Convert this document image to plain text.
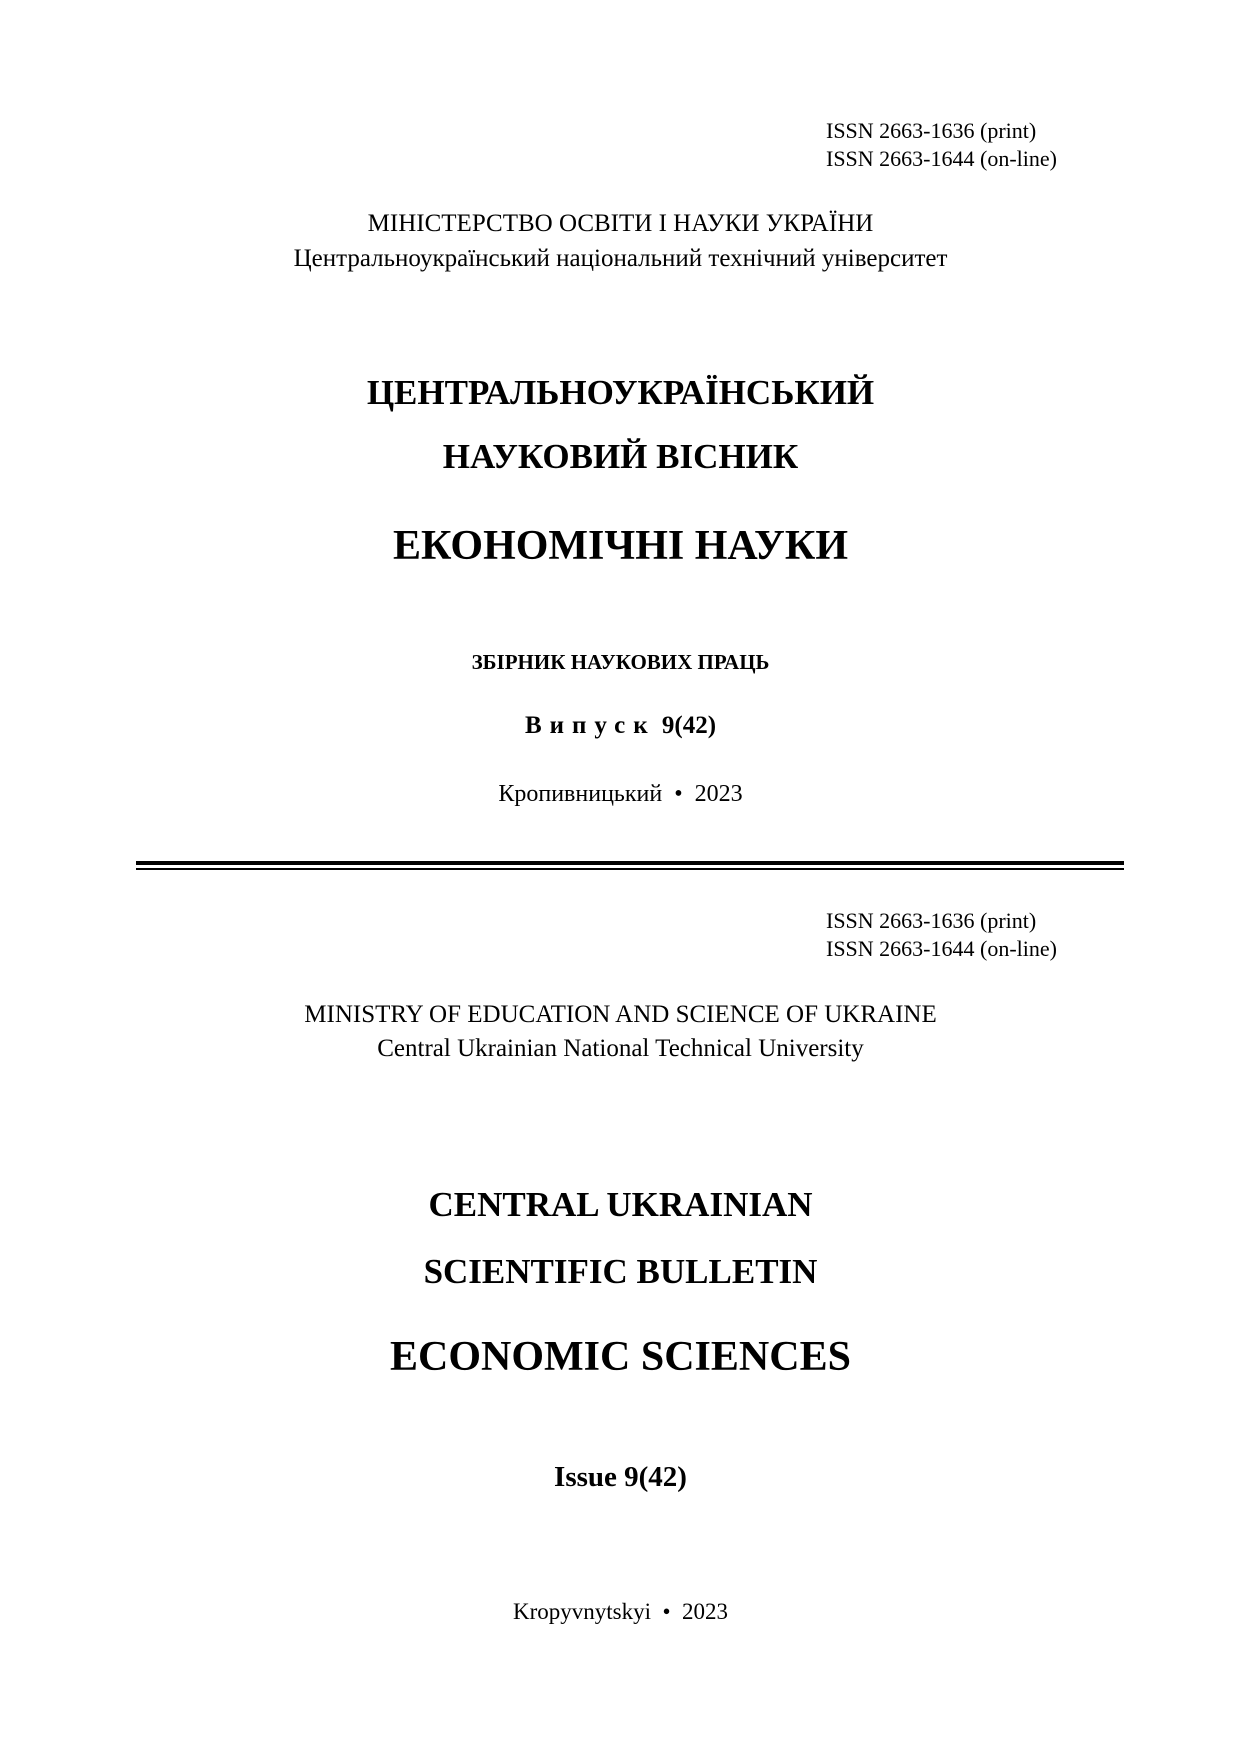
ISSN 2663-1636 (print)
ISSN 2663-1644 (on-line)
МІНІСТЕРСТВО ОСВІТИ І НАУКИ УКРАЇНИ
Центральноукраїнський національний технічний університет
ЦЕНТРАЛЬНОУКРАЇНСЬКИЙ
НАУКОВИЙ ВІСНИК
ЕКОНОМІЧНІ НАУКИ
ЗБІРНИК НАУКОВИХ ПРАЦЬ
Випуск 9(42)
Кропивницький • 2023
ISSN 2663-1636 (print)
ISSN 2663-1644 (on-line)
MINISTRY OF EDUCATION AND SCIENCE OF UKRAINE
Central Ukrainian National Technical University
CENTRAL UKRAINIAN
SCIENTIFIC BULLETIN
ECONOMIC SCIENCES
Issue 9(42)
Kropyvnytskyi • 2023
